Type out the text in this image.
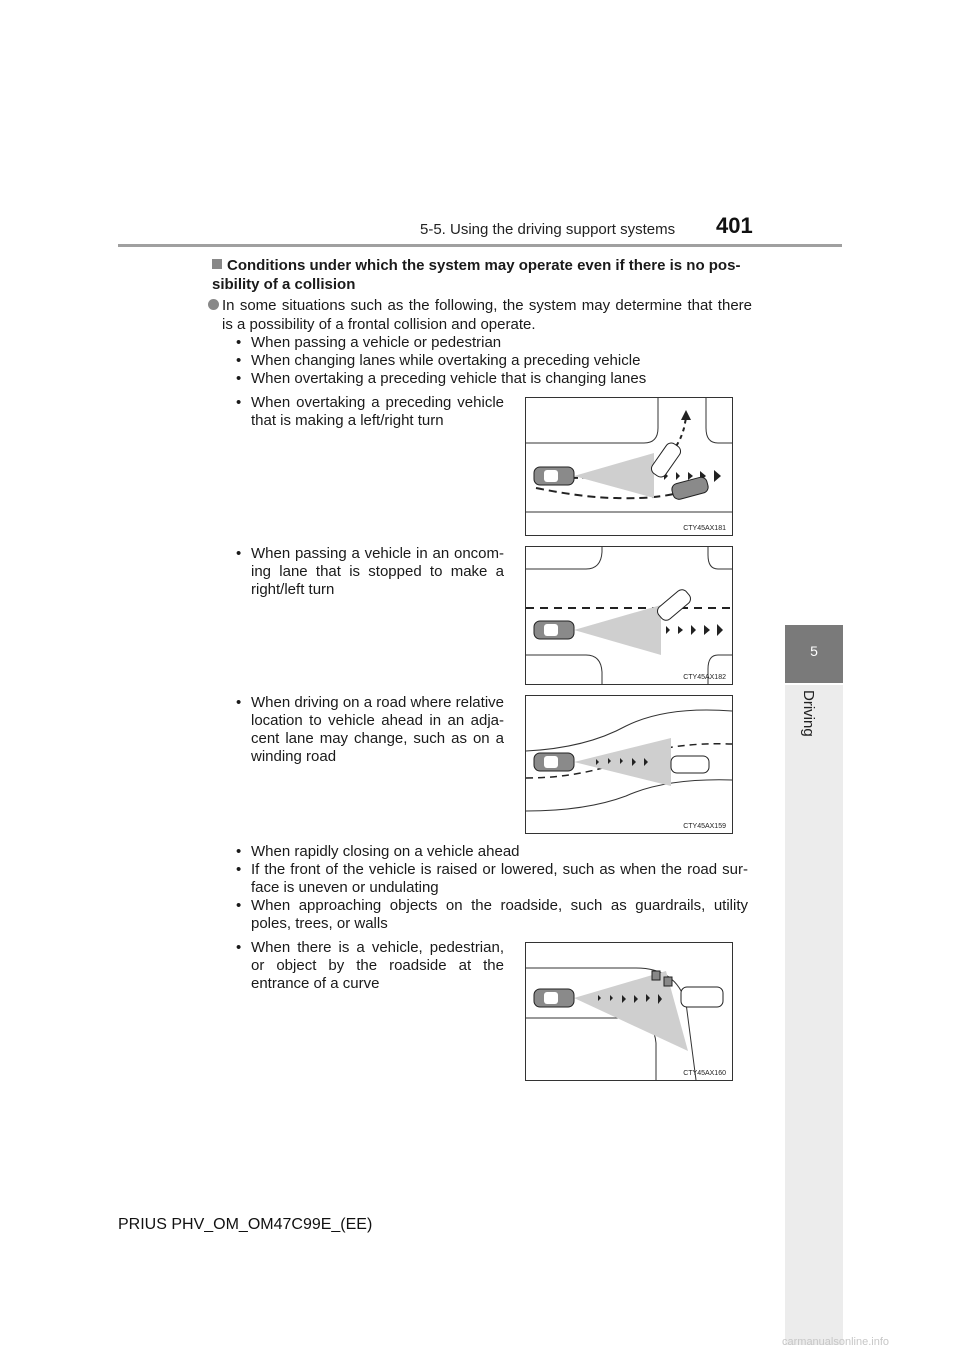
5-5. Using the driving support systems 401
5
Driving
Conditions under which the system may operate even if there is no pos-sibility of a collision
In some situations such as the following, the system may determine that there is a possibility of a frontal collision and operate.
• When passing a vehicle or pedestrian
• When changing lanes while overtaking a preceding vehicle
• When overtaking a preceding vehicle that is changing lanes
• When overtaking a preceding vehicle that is making a left/right turn
CTY45AX181
• When passing a vehicle in an oncom-ing lane that is stopped to make a right/left turn
CTY45AX182
• When driving on a road where relative location to vehicle ahead in an adja-cent lane may change, such as on a winding road
CTY45AX159
• When rapidly closing on a vehicle ahead
• If the front of the vehicle is raised or lowered, such as when the road sur-face is uneven or undulating
• When approaching objects on the roadside, such as guardrails, utility poles, trees, or walls
• When there is a vehicle, pedestrian, or object by the roadside at the entrance of a curve
CTY45AX160
PRIUS PHV_OM_OM47C99E_(EE)
carmanualsonline.info
